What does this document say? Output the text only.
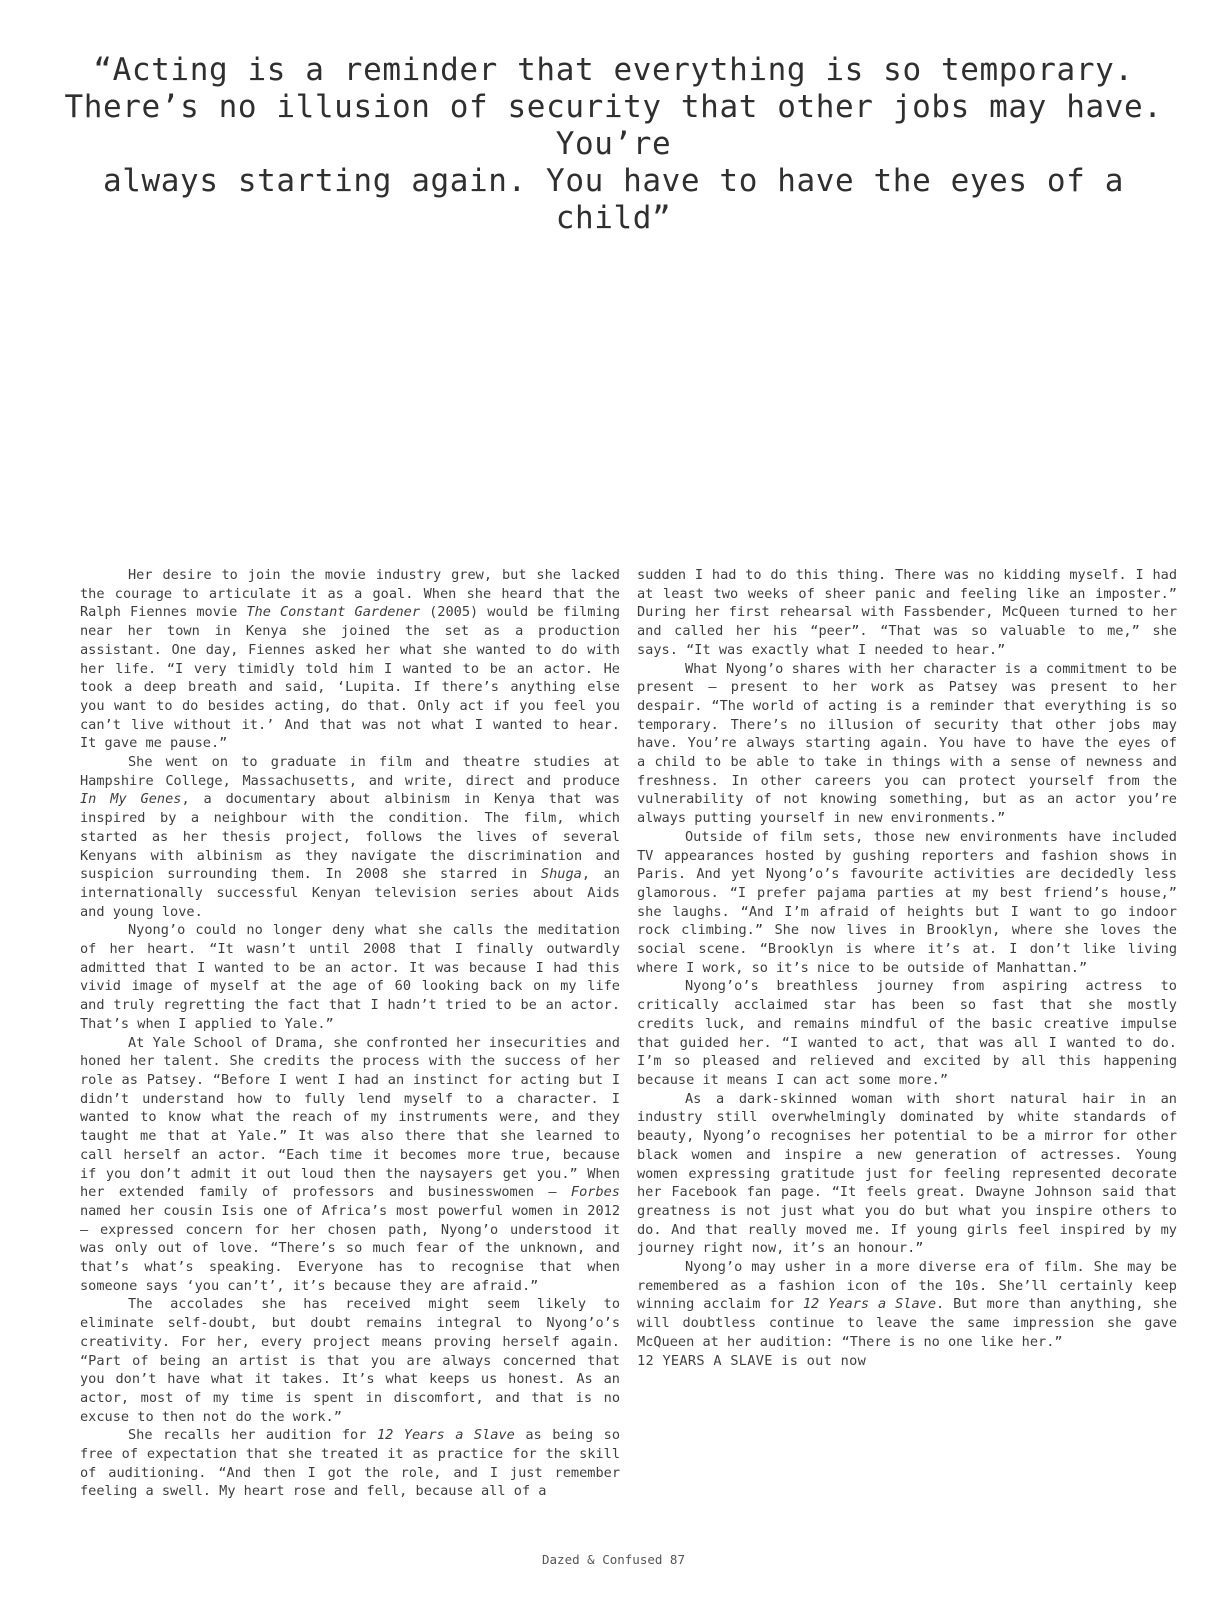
“Acting is a reminder that everything is so temporary.
There’s no illusion of security that other jobs may have. You’re
always starting again. You have to have the eyes of a child”

Her desire to join the movie industry grew, but she lacked the courage to articulate it as a goal. When she heard that the Ralph Fiennes movie The Constant Gardener (2005) would be filming near her town in Kenya she joined the set as a production assistant. One day, Fiennes asked her what she wanted to do with her life. “I very timidly told him I wanted to be an actor. He took a deep breath and said, ‘Lupita. If there’s anything else you want to do besides acting, do that. Only act if you feel you can’t live without it.’ And that was not what I wanted to hear. It gave me pause.”

She went on to graduate in film and theatre studies at Hampshire College, Massachusetts, and write, direct and produce In My Genes, a documentary about albinism in Kenya that was inspired by a neighbour with the condition. The film, which started as her thesis project, follows the lives of several Kenyans with albinism as they navigate the discrimination and suspicion surrounding them. In 2008 she starred in Shuga, an internationally successful Kenyan television series about Aids and young love.

Nyong’o could no longer deny what she calls the meditation of her heart. “It wasn’t until 2008 that I finally outwardly admitted that I wanted to be an actor. It was because I had this vivid image of myself at the age of 60 looking back on my life and truly regretting the fact that I hadn’t tried to be an actor. That’s when I applied to Yale.”

At Yale School of Drama, she confronted her insecurities and honed her talent. She credits the process with the success of her role as Patsey. “Before I went I had an instinct for acting but I didn’t understand how to fully lend myself to a character. I wanted to know what the reach of my instruments were, and they taught me that at Yale.” It was also there that she learned to call herself an actor. “Each time it becomes more true, because if you don’t admit it out loud then the naysayers get you.” When her extended family of professors and businesswomen – Forbes named her cousin Isis one of Africa’s most powerful women in 2012 – expressed concern for her chosen path, Nyong’o understood it was only out of love. “There’s so much fear of the unknown, and that’s what’s speaking. Everyone has to recognise that when someone says ‘you can’t’, it’s because they are afraid.”

The accolades she has received might seem likely to eliminate self-doubt, but doubt remains integral to Nyong’o’s creativity. For her, every project means proving herself again. “Part of being an artist is that you are always concerned that you don’t have what it takes. It’s what keeps us honest. As an actor, most of my time is spent in discomfort, and that is no excuse to then not do the work.”

She recalls her audition for 12 Years a Slave as being so free of expectation that she treated it as practice for the skill of auditioning. “And then I got the role, and I just remember feeling a swell. My heart rose and fell, because all of a

sudden I had to do this thing. There was no kidding myself. I had at least two weeks of sheer panic and feeling like an imposter.” During her first rehearsal with Fassbender, McQueen turned to her and called her his “peer”. “That was so valuable to me,” she says. “It was exactly what I needed to hear.”

What Nyong’o shares with her character is a commitment to be present – present to her work as Patsey was present to her despair. “The world of acting is a reminder that everything is so temporary. There’s no illusion of security that other jobs may have. You’re always starting again. You have to have the eyes of a child to be able to take in things with a sense of newness and freshness. In other careers you can protect yourself from the vulnerability of not knowing something, but as an actor you’re always putting yourself in new environments.”

Outside of film sets, those new environments have included TV appearances hosted by gushing reporters and fashion shows in Paris. And yet Nyong’o’s favourite activities are decidedly less glamorous. “I prefer pajama parties at my best friend’s house,” she laughs. “And I’m afraid of heights but I want to go indoor rock climbing.” She now lives in Brooklyn, where she loves the social scene. “Brooklyn is where it’s at. I don’t like living where I work, so it’s nice to be outside of Manhattan.”

Nyong’o’s breathless journey from aspiring actress to critically acclaimed star has been so fast that she mostly credits luck, and remains mindful of the basic creative impulse that guided her. “I wanted to act, that was all I wanted to do. I’m so pleased and relieved and excited by all this happening because it means I can act some more.”

As a dark-skinned woman with short natural hair in an industry still overwhelmingly dominated by white standards of beauty, Nyong’o recognises her potential to be a mirror for other black women and inspire a new generation of actresses. Young women expressing gratitude just for feeling represented decorate her Facebook fan page. “It feels great. Dwayne Johnson said that greatness is not just what you do but what you inspire others to do. And that really moved me. If young girls feel inspired by my journey right now, it’s an honour.”

Nyong’o may usher in a more diverse era of film. She may be remembered as a fashion icon of the 10s. She’ll certainly keep winning acclaim for 12 Years a Slave. But more than anything, she will doubtless continue to leave the same impression she gave McQueen at her audition: “There is no one like her.”

12 YEARS A SLAVE is out now

Dazed & Confused 87
